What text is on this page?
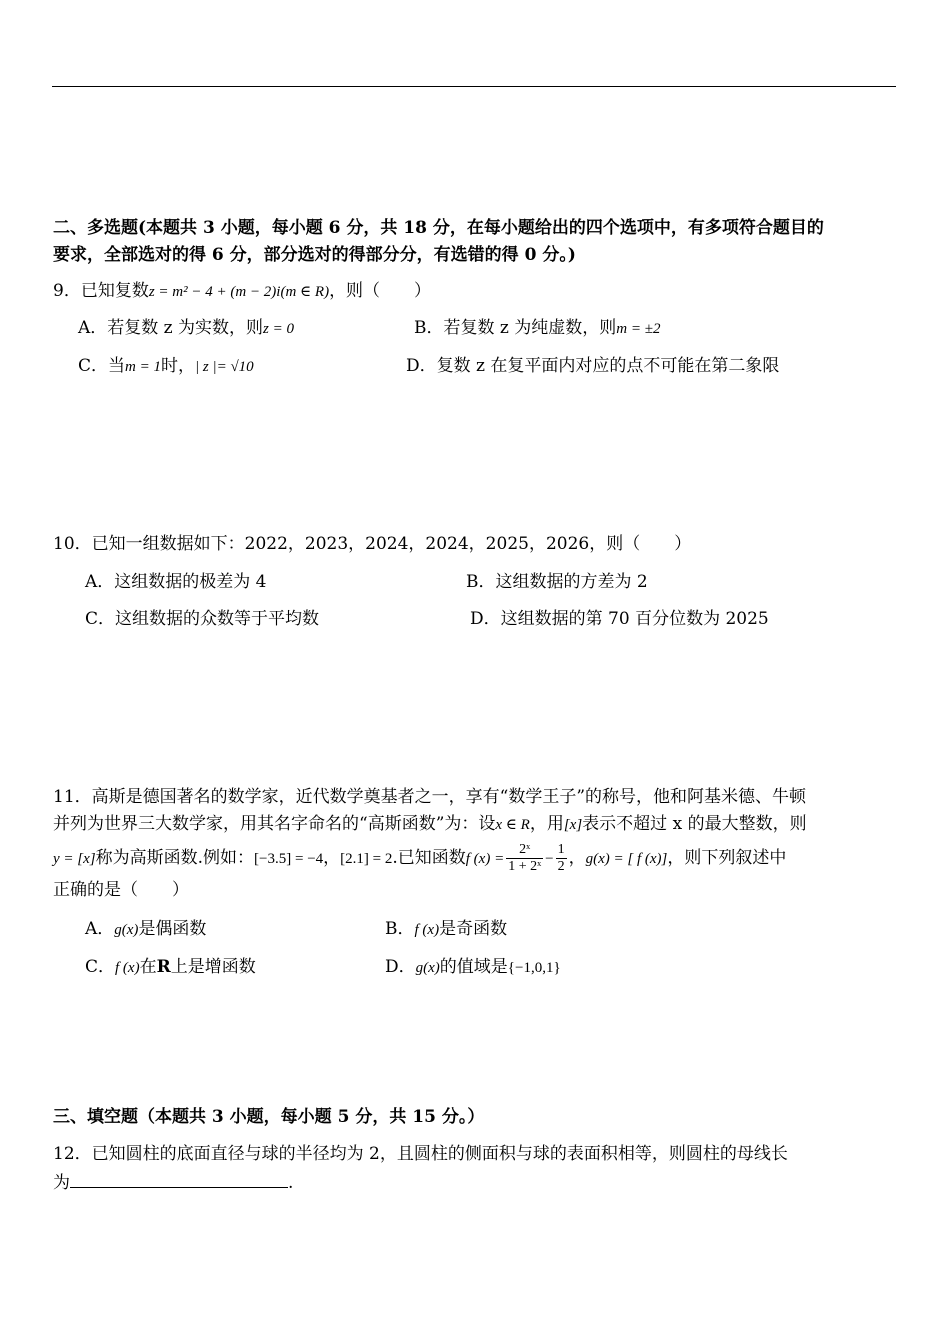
二、多选题(本题共 3 小题，每小题 6 分，共 18 分，在每小题给出的四个选项中，有多项符合题目的
要求，全部选对的得 6 分，部分选对的得部分分，有选错的得 0 分。)
9．已知复数z = m² − 4 + (m − 2)i(m ∈ R)，则（　　）
A．若复数 z 为实数，则z = 0	B．若复数 z 为纯虚数，则m = ±2
C．当m = 1时，| z |= √10	D．复数 z 在复平面内对应的点不可能在第二象限
10．已知一组数据如下：2022，2023，2024，2024，2025，2026，则（　　）
A．这组数据的极差为 4	B．这组数据的方差为 2
C．这组数据的众数等于平均数	D．这组数据的第 70 百分位数为 2025
11．高斯是德国著名的数学家，近代数学奠基者之一，享有“数学王子”的称号，他和阿基米德、牛顿
并列为世界三大数学家，用其名字命名的“高斯函数”为：设x ∈ R，用[x]表示不超过 x 的最大整数，则
y = [x]称为高斯函数.例如：[−3.5] = −4，[2.1] = 2.已知函数f $(x) = \frac{\text{2ˣ}}{\text{1 + 2ˣ}} - \frac{1}{2}$ ，g(x) = [ f (x)]，则下列叙述中
正确的是（　　）
A．g(x)是偶函数	B．f (x)是奇函数
C．f (x)在R上是增函数	D．g(x)的值域是{−1,0,1}
三、填空题（本题共 3 小题，每小题 5 分，共 15 分。）
12．已知圆柱的底面直径与球的半径均为 2，且圆柱的侧面积与球的表面积相等，则圆柱的母线长
为	.
